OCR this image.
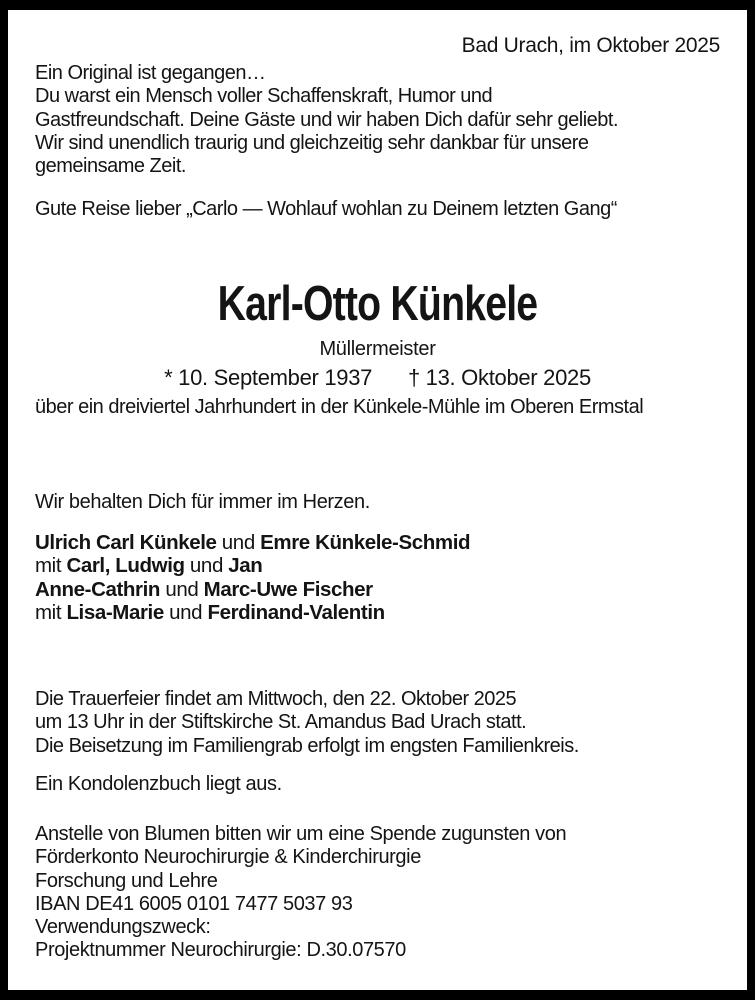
Bad Urach, im Oktober 2025
Ein Original ist gegangen…
Du warst ein Mensch voller Schaffenskraft, Humor und
Gastfreundschaft. Deine Gäste und wir haben Dich dafür sehr geliebt.
Wir sind unendlich traurig und gleichzeitig sehr dankbar für unsere
gemeinsame Zeit.
Gute Reise lieber „Carlo — Wohlauf wohlan zu Deinem letzten Gang“
Karl-Otto Künkele
Müllermeister
* 10. September 1937 † 13. Oktober 2025
über ein dreiviertel Jahrhundert in der Künkele-Mühle im Oberen Ermstal
Wir behalten Dich für immer im Herzen.
Ulrich Carl Künkele und Emre Künkele-Schmid
mit Carl, Ludwig und Jan
Anne-Cathrin und Marc-Uwe Fischer
mit Lisa-Marie und Ferdinand-Valentin
Die Trauerfeier findet am Mittwoch, den 22. Oktober 2025
um 13 Uhr in der Stiftskirche St. Amandus Bad Urach statt.
Die Beisetzung im Familiengrab erfolgt im engsten Familienkreis.
Ein Kondolenzbuch liegt aus.
Anstelle von Blumen bitten wir um eine Spende zugunsten von
Förderkonto Neurochirurgie & Kinderchirurgie
Forschung und Lehre
IBAN DE41 6005 0101 7477 5037 93
Verwendungszweck:
Projektnummer Neurochirurgie: D.30.07570
